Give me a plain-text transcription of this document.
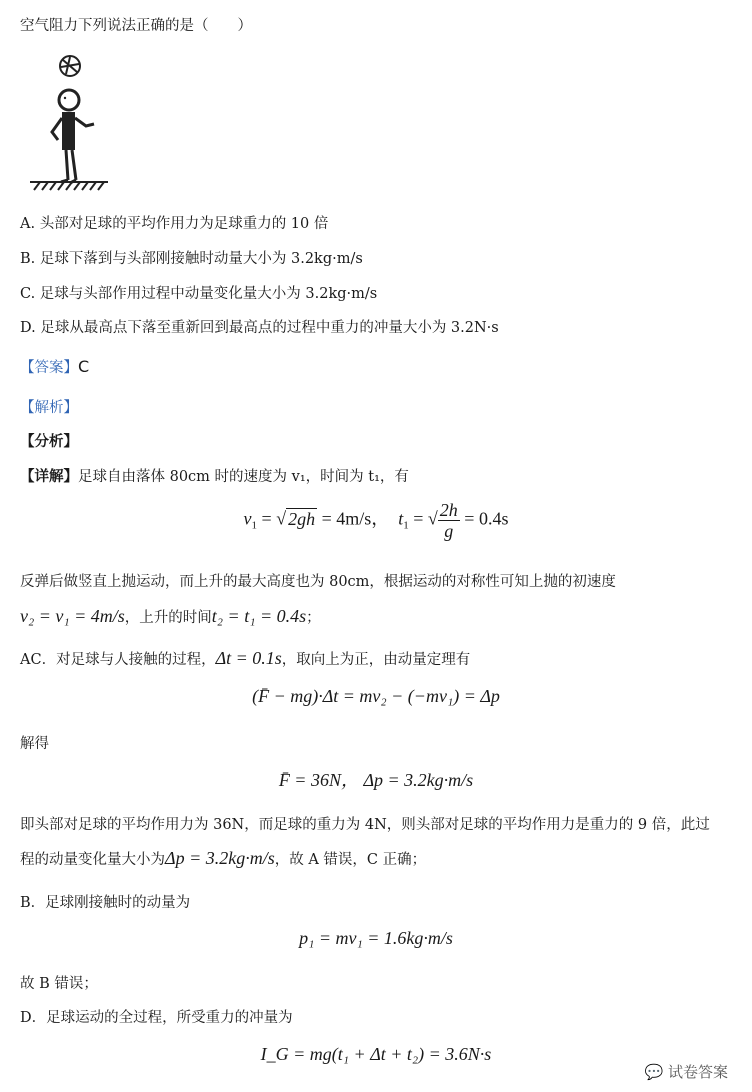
空气阻力下列说法正确的是（　　）
A. 头部对足球的平均作用力为足球重力的 10 倍
B. 足球下落到与头部刚接触时动量大小为 3.2kg·m/s
C. 足球与头部作用过程中动量变化量大小为 3.2kg·m/s
D. 足球从最高点下落至重新回到最高点的过程中重力的冲量大小为 3.2N·s
【答案】C
【解析】
【分析】
【详解】足球自由落体 80cm 时的速度为 v₁，时间为 t₁，有
$v_1$ = √ 2gh = 4m/s，  $t_1$ = √ $\frac{2h}{g} = 0.4s$
反弹后做竖直上抛运动，而上升的最大高度也为 80cm，根据运动的对称性可知上抛的初速度
v₂ = v₁ = 4m/s，上升的时间t₂ = t₁ = 0.4s；
AC．对足球与人接触的过程，Δt = 0.1s，取向上为正，由动量定理有
(F̄ − mg)·Δt = mv₂ − (−mv₁) = Δp
解得
F̄ = 36N， Δp = 3.2kg·m/s
即头部对足球的平均作用力为 36N，而足球的重力为 4N，则头部对足球的平均作用力是重力的 9 倍，此过
程的动量变化量大小为Δp = 3.2kg·m/s，故 A 错误，C 正确；
B．足球刚接触时的动量为
p₁ = mv₁ = 1.6kg·m/s
故 B 错误；
D．足球运动的全过程，所受重力的冲量为
I_G = mg(t₁ + Δt + t₂) = 3.6N·s
💬 试卷答案
